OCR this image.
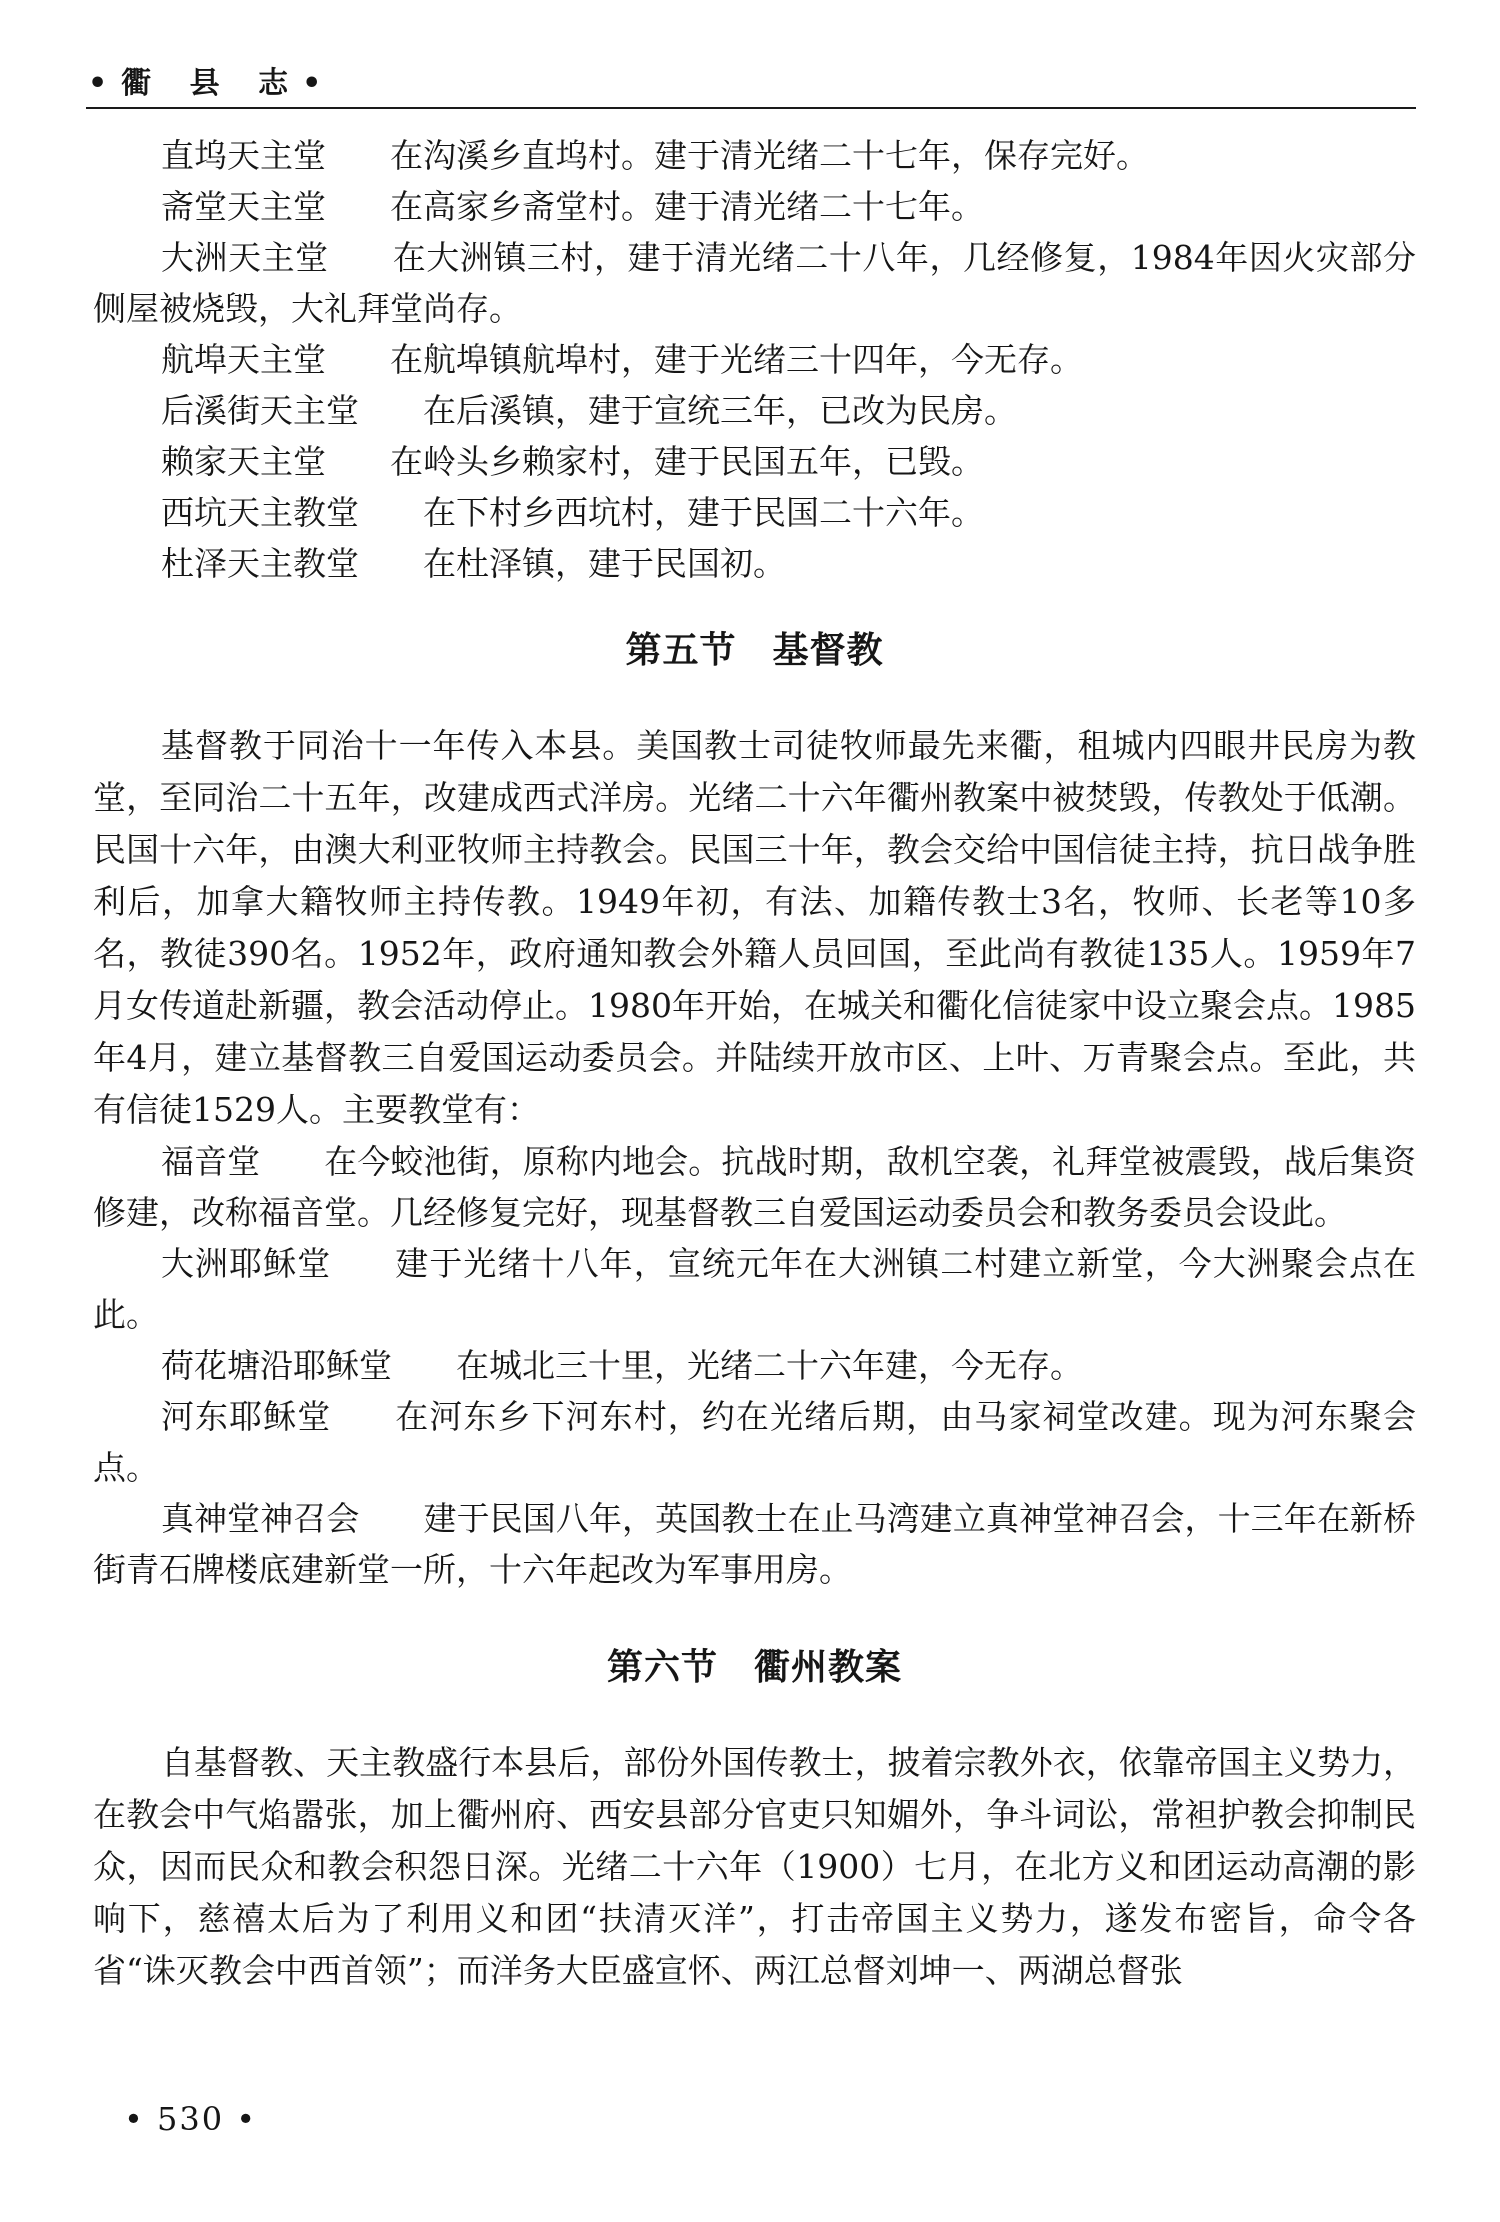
•衢 县 志•

直坞天主堂 在沟溪乡直坞村。建于清光绪二十七年，保存完好。

斋堂天主堂 在高家乡斋堂村。建于清光绪二十七年。

大洲天主堂 在大洲镇三村，建于清光绪二十八年，几经修复，1984年因火灾部分侧屋被烧毁，大礼拜堂尚存。

航埠天主堂 在航埠镇航埠村，建于光绪三十四年，今无存。

后溪街天主堂 在后溪镇，建于宣统三年，已改为民房。

赖家天主堂 在岭头乡赖家村，建于民国五年，已毁。

西坑天主教堂 在下村乡西坑村，建于民国二十六年。

杜泽天主教堂 在杜泽镇，建于民国初。

第五节 基督教

基督教于同治十一年传入本县。美国教士司徒牧师最先来衢，租城内四眼井民房为教堂，至同治二十五年，改建成西式洋房。光绪二十六年衢州教案中被焚毁，传教处于低潮。民国十六年，由澳大利亚牧师主持教会。民国三十年，教会交给中国信徒主持，抗日战争胜利后，加拿大籍牧师主持传教。1949年初，有法、加籍传教士3名，牧师、长老等10多名，教徒390名。1952年，政府通知教会外籍人员回国，至此尚有教徒135人。1959年7月女传道赴新疆，教会活动停止。1980年开始，在城关和衢化信徒家中设立聚会点。1985年4月，建立基督教三自爱国运动委员会。并陆续开放市区、上叶、万青聚会点。至此，共有信徒1529人。主要教堂有：

福音堂 在今蛟池街，原称内地会。抗战时期，敌机空袭，礼拜堂被震毁，战后集资修建，改称福音堂。几经修复完好，现基督教三自爱国运动委员会和教务委员会设此。

大洲耶稣堂 建于光绪十八年，宣统元年在大洲镇二村建立新堂，今大洲聚会点在此。

荷花塘沿耶稣堂 在城北三十里，光绪二十六年建，今无存。

河东耶稣堂 在河东乡下河东村，约在光绪后期，由马家祠堂改建。现为河东聚会点。

真神堂神召会 建于民国八年，英国教士在止马湾建立真神堂神召会，十三年在新桥街青石牌楼底建新堂一所，十六年起改为军事用房。

第六节 衢州教案

自基督教、天主教盛行本县后，部份外国传教士，披着宗教外衣，依靠帝国主义势力，在教会中气焰嚣张，加上衢州府、西安县部分官吏只知媚外，争斗词讼，常袒护教会抑制民众，因而民众和教会积怨日深。光绪二十六年（1900）七月，在北方义和团运动高潮的影响下，慈禧太后为了利用义和团“扶清灭洋”，打击帝国主义势力，遂发布密旨，命令各省“诛灭教会中西首领”；而洋务大臣盛宣怀、两江总督刘坤一、两湖总督张

• 530 •
